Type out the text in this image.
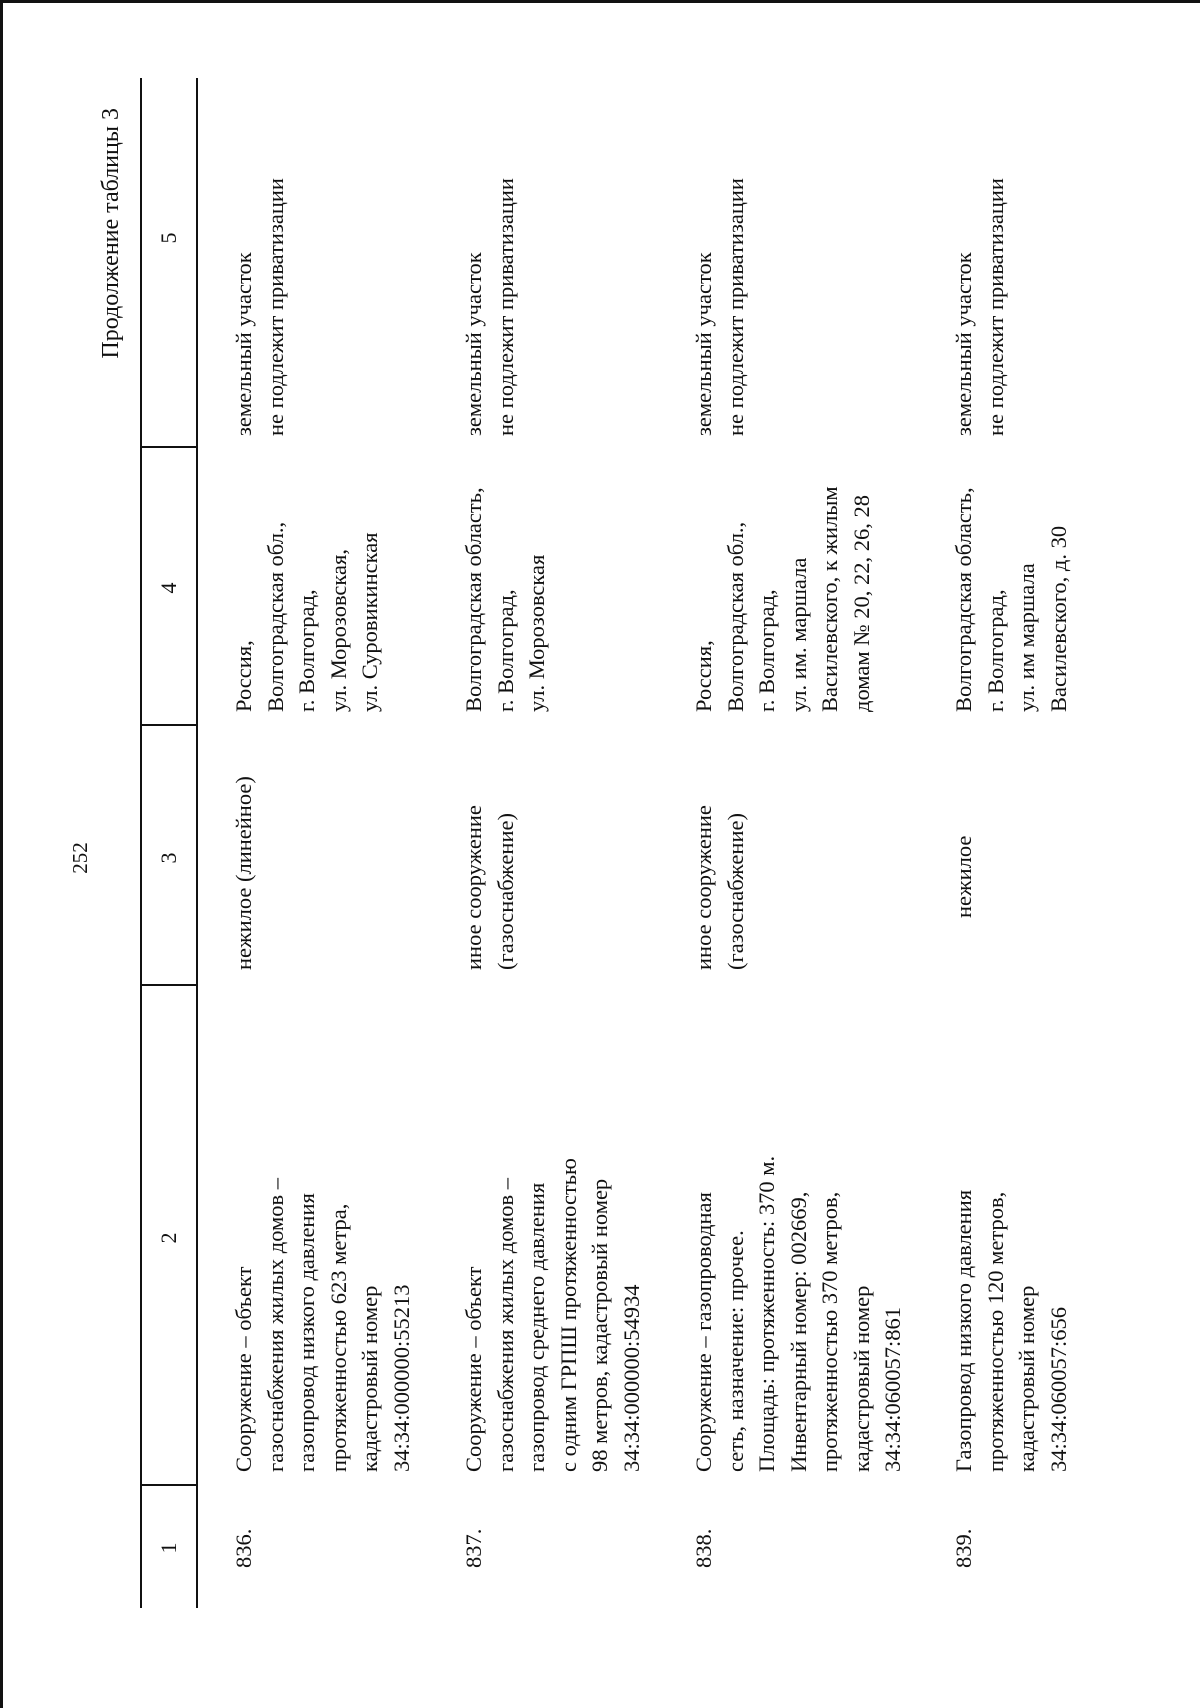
252
Продолжение таблицы 3
1
2
3
4
5
836.
Сооружение – объект газоснабжения жилых домов – газопровод низкого давления протяженностью 623 метра, кадастровый номер 34:34:000000:55213
нежилое (линейное)
Россия, Волгоградская обл., г. Волгоград, ул. Морозовская, ул. Суровикинская
земельный участок не подлежит приватизации
837.
Сооружение – объект газоснабжения жилых домов – газопровод среднего давления с одним ГРПШ протяженностью 98 метров, кадастровый номер 34:34:000000:54934
иное сооружение (газоснабжение)
Волгоградская область, г. Волгоград, ул. Морозовская
земельный участок не подлежит приватизации
838.
Сооружение – газопроводная сеть, назначение: прочее. Площадь: протяженность: 370 м. Инвентарный номер: 002669, протяженностью 370 метров, кадастровый номер 34:34:060057:861
иное сооружение (газоснабжение)
Россия, Волгоградская обл., г. Волгоград, ул. им. маршала Василевского, к жилым домам № 20, 22, 26, 28
земельный участок не подлежит приватизации
839.
Газопровод низкого давления протяженностью 120 метров, кадастровый номер 34:34:060057:656
нежилое
Волгоградская область, г. Волгоград, ул. им маршала Василевского, д. 30
земельный участок не подлежит приватизации
